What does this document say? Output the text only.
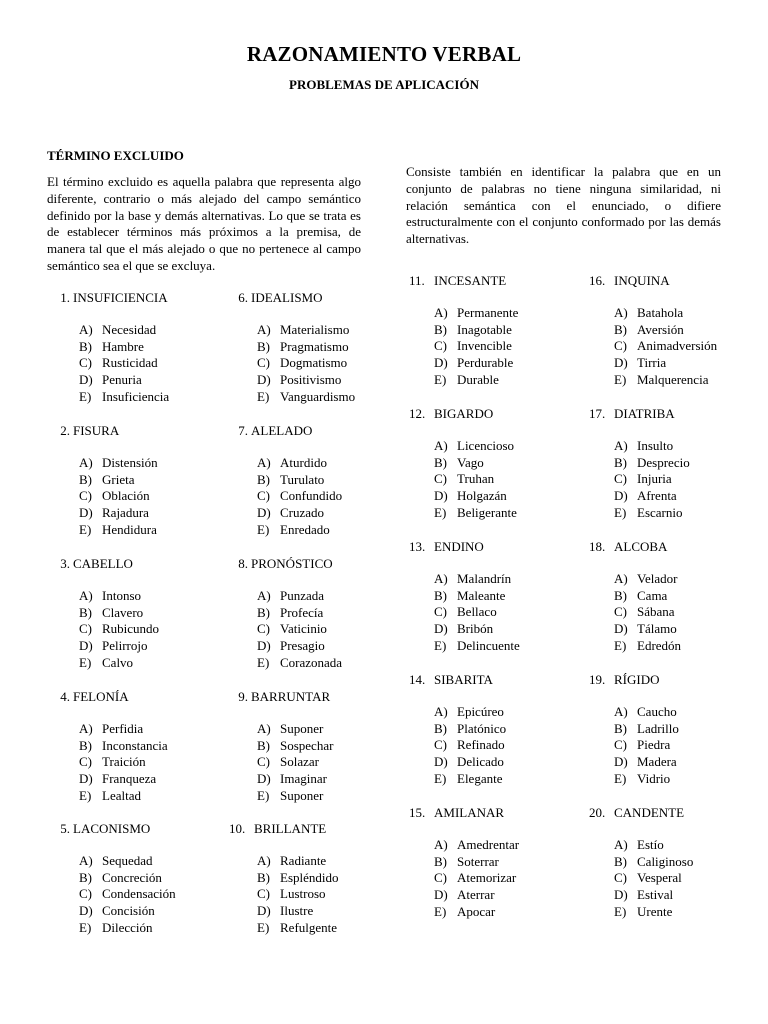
RAZONAMIENTO VERBAL
PROBLEMAS DE APLICACIÓN
TÉRMINO EXCLUIDO
El término excluido es aquella palabra que representa algo diferente, contrario o más alejado del campo semántico definido por la base y demás alternativas. Lo que se trata es de establecer términos más próximos a la premisa, de manera tal que el más alejado o que no pertenece al campo semántico sea el que se excluya.
Consiste también en identificar la palabra que en un conjunto de palabras no tiene ninguna similaridad, ni relación semántica con el enunciado, o difiere estructuralmente con el conjunto conformado por las demás alternativas.
1. INSUFICIENCIA
A) Necesidad
B) Hambre
C) Rusticidad
D) Penuria
E) Insuficiencia
2. FISURA
A) Distensión
B) Grieta
C) Oblación
D) Rajadura
E) Hendidura
3. CABELLO
A) Intonso
B) Clavero
C) Rubicundo
D) Pelirrojo
E) Calvo
4. FELONÍA
A) Perfidia
B) Inconstancia
C) Traición
D) Franqueza
E) Lealtad
5. LACONISMO
A) Sequedad
B) Concreción
C) Condensación
D) Concisión
E) Dilección
6. IDEALISMO
A) Materialismo
B) Pragmatismo
C) Dogmatismo
D) Positivismo
E) Vanguardismo
7. ALELADO
A) Aturdido
B) Turulato
C) Confundido
D) Cruzado
E) Enredado
8. PRONÓSTICO
A) Punzada
B) Profecía
C) Vaticinio
D) Presagio
E) Corazonada
9. BARRUNTAR
A) Suponer
B) Sospechar
C) Solazar
D) Imaginar
E) Suponer
10. BRILLANTE
A) Radiante
B) Espléndido
C) Lustroso
D) Ilustre
E) Refulgente
11. INCESANTE
A) Permanente
B) Inagotable
C) Invencible
D) Perdurable
E) Durable
12. BIGARDO
A) Licencioso
B) Vago
C) Truhan
D) Holgazán
E) Beligerante
13. ENDINO
A) Malandrín
B) Maleante
C) Bellaco
D) Bribón
E) Delincuente
14. SIBARITA
A) Epicúreo
B) Platónico
C) Refinado
D) Delicado
E) Elegante
15. AMILANAR
A) Amedrentar
B) Soterrar
C) Atemorizar
D) Aterrar
E) Apocar
16. INQUINA
A) Batahola
B) Aversión
C) Animadversión
D) Tirria
E) Malquerencia
17. DIATRIBA
A) Insulto
B) Desprecio
C) Injuria
D) Afrenta
E) Escarnio
18. ALCOBA
A) Velador
B) Cama
C) Sábana
D) Tálamo
E) Edredón
19. RÍGIDO
A) Caucho
B) Ladrillo
C) Piedra
D) Madera
E) Vidrio
20. CANDENTE
A) Estío
B) Caliginoso
C) Vesperal
D) Estival
E) Urente
